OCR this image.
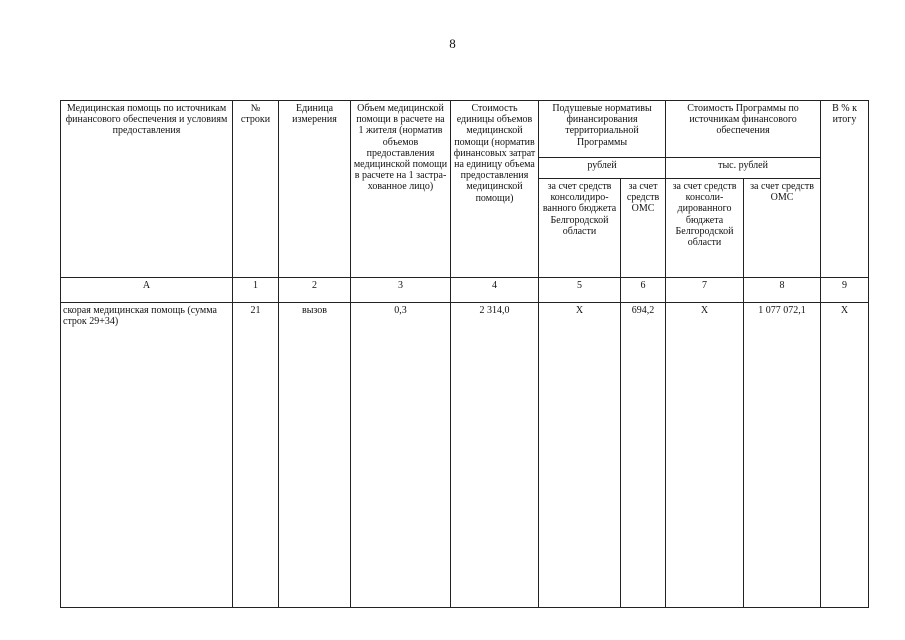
8
Медицинская помощь по источникам финансового обеспечения и условиям предоставления	№ строки	Единица измерения	Объем медицинской помощи в расчете на 1 жителя (норматив объемов предоставления медицинской помощи в расчете на 1 застра-хованное лицо)	Стоимость единицы объемов медицинской помощи (норматив финансовых затрат на единицу объема предоставления медицинской помощи)	Подушевые нормативы финансирования территориальной Программы		Стоимость Программы по источникам финансового обеспечения		В % к итогу
					рублей		тыс. рублей		
					за счет средств консолидиро-ванного бюджета Белгородской области	за счет средств ОМС	за счет средств консоли-дированного бюджета Белгородской области	за счет средств ОМС	
А	1	2	3	4	5	6	7	8	9
скорая медицинская помощь (сумма строк 29+34)	21	вызов	0,3	2 314,0	Х	694,2	Х	1 077 072,1	Х
